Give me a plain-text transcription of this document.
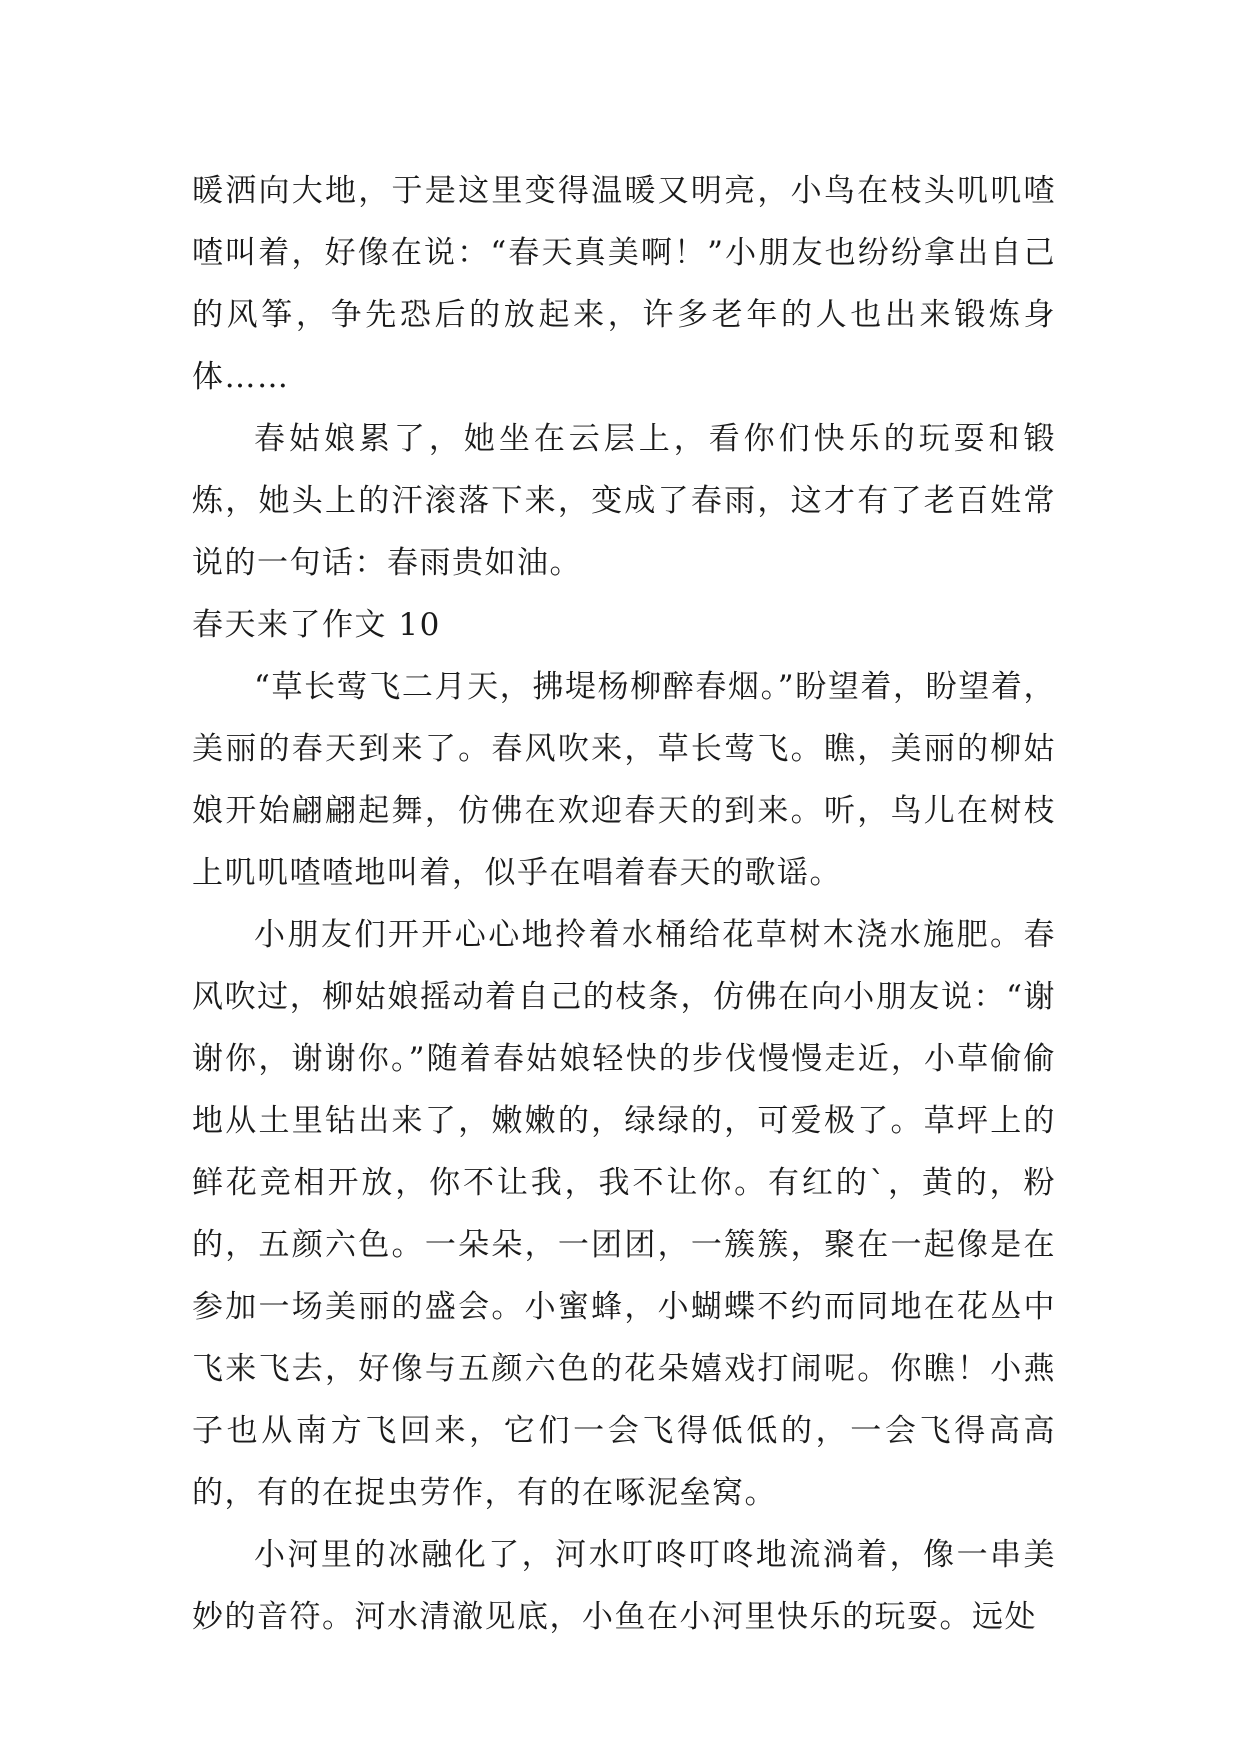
暖洒向大地，于是这里变得温暖又明亮，小鸟在枝头叽叽喳喳叫着，好像在说：“春天真美啊！”小朋友也纷纷拿出自己的风筝，争先恐后的放起来，许多老年的人也出来锻炼身体……

春姑娘累了，她坐在云层上，看你们快乐的玩耍和锻炼，她头上的汗滚落下来，变成了春雨，这才有了老百姓常说的一句话：春雨贵如油。

春天来了作文 10

“草长莺飞二月天，拂堤杨柳醉春烟。”盼望着，盼望着，美丽的春天到来了。春风吹来，草长莺飞。瞧，美丽的柳姑娘开始翩翩起舞，仿佛在欢迎春天的到来。听，鸟儿在树枝上叽叽喳喳地叫着，似乎在唱着春天的歌谣。

小朋友们开开心心地拎着水桶给花草树木浇水施肥。春风吹过，柳姑娘摇动着自己的枝条，仿佛在向小朋友说：“谢谢你，谢谢你。”随着春姑娘轻快的步伐慢慢走近，小草偷偷地从土里钻出来了，嫩嫩的，绿绿的，可爱极了。草坪上的鲜花竞相开放，你不让我，我不让你。有红的`，黄的，粉的，五颜六色。一朵朵，一团团，一簇簇，聚在一起像是在参加一场美丽的盛会。小蜜蜂，小蝴蝶不约而同地在花丛中飞来飞去，好像与五颜六色的花朵嬉戏打闹呢。你瞧！小燕子也从南方飞回来，它们一会飞得低低的，一会飞得高高的，有的在捉虫劳作，有的在啄泥垒窝。

小河里的冰融化了，河水叮咚叮咚地流淌着，像一串美妙的音符。河水清澈见底，小鱼在小河里快乐的玩耍。远处
